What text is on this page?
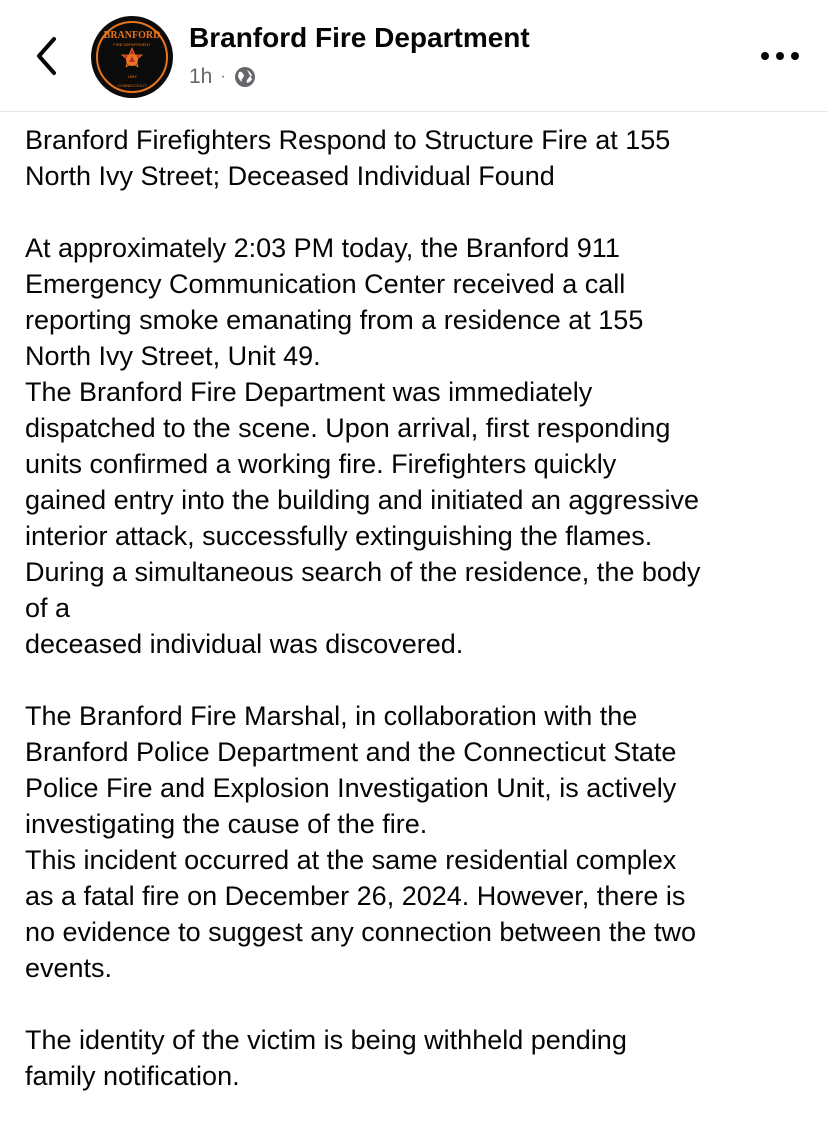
BRANFORD
FIRE DEPARTMENT
1899
CONNECTICUT
Branford Fire Department
1h ·

Branford Firefighters Respond to Structure Fire at 155
North Ivy Street; Deceased Individual Found

At approximately 2:03 PM today, the Branford 911
Emergency Communication Center received a call
reporting smoke emanating from a residence at 155
North Ivy Street, Unit 49.
The Branford Fire Department was immediately
dispatched to the scene. Upon arrival, first responding
units confirmed a working fire. Firefighters quickly
gained entry into the building and initiated an aggressive
interior attack, successfully extinguishing the flames.
During a simultaneous search of the residence, the body
of a
deceased individual was discovered.

The Branford Fire Marshal, in collaboration with the
Branford Police Department and the Connecticut State
Police Fire and Explosion Investigation Unit, is actively
investigating the cause of the fire.
This incident occurred at the same residential complex
as a fatal fire on December 26, 2024. However, there is
no evidence to suggest any connection between the two
events.

The identity of the victim is being withheld pending
family notification.
